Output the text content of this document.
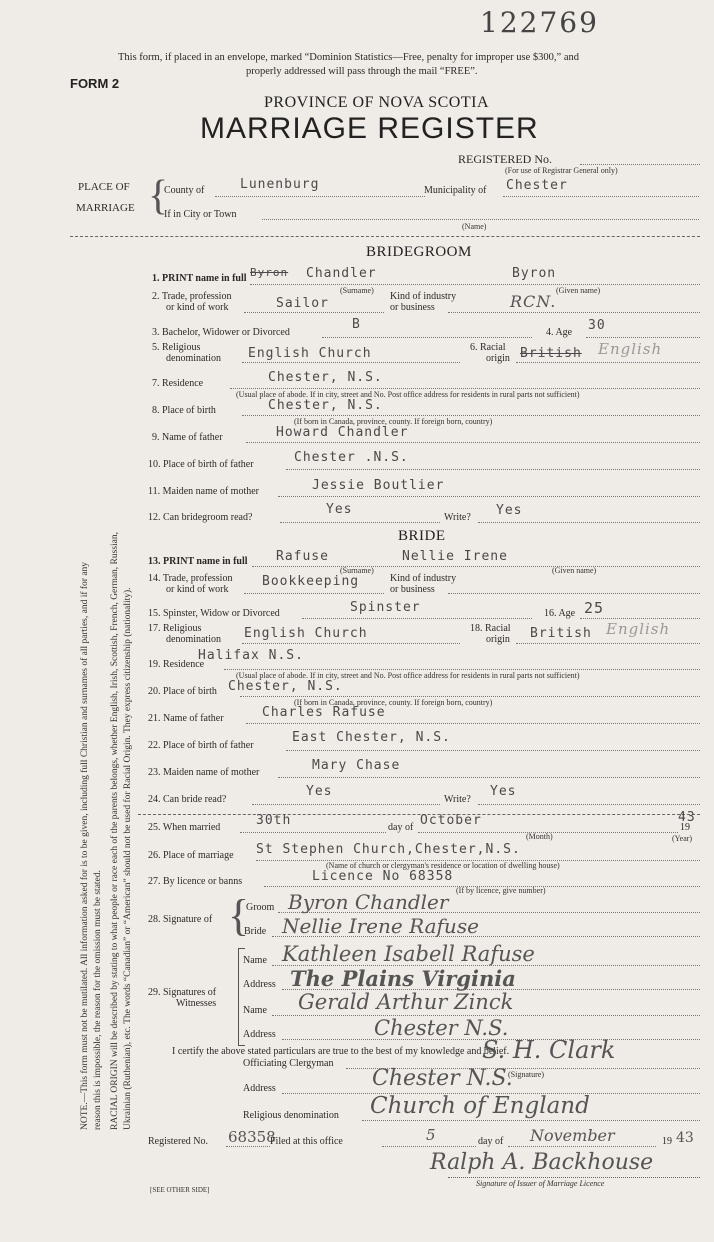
122769
This form, if placed in an envelope, marked “Dominion Statistics—Free, penalty for improper use $300,” and
properly addressed will pass through the mail “FREE”.
FORM 2
PROVINCE OF NOVA SCOTIA
MARRIAGE REGISTER
REGISTERED No.
(For use of Registrar General only)
PLACE OF
MARRIAGE {
County of	Lunenburg	Municipality of Chester
If in City or Town
(Name)
NOTE.—This form must not be mutilated. All information asked for is to be given, including full Christian and surnames of all parties, and if for any reason this is impossible, the reason for the omission must be stated. RACIAL ORIGIN will be described by stating to what people or race each of the parents belongs, whether English, Irish, Scottish, French, German, Russian, Ukrainian (Ruthenian), etc. The words “Canadian” or “American” should not be used for Racial Origin. They express citizenship (nationality).
BRIDEGROOM
1. PRINT name in full Byron Chandler	Byron
(Surname)	(Given name)
2. Trade, profession
or kind of work	Sailor	Kind of industry
or business	RCN.
3. Bachelor, Widower or Divorced
B
4. Age 30
5. Religious
denomination English Church	6. Racial
origin British English
7. Residence	Chester, N.S.
(Usual place of abode. If in city, street and No. Post office address for residents in rural parts not sufficient)
8. Place of birth	Chester, N.S.
(If born in Canada, province, county. If foreign born, country)
9. Name of father	Howard Chandler
10. Place of birth of father	Chester .N.S.
11. Maiden name of mother	Jessie Boutlier
12. Can bridegroom read?
Yes
Write? Yes
BRIDE
13. PRINT name in full Rafuse	Nellie Irene
(Surname)	(Given name)
14. Trade, profession
or kind of work
Bookkeeping	Kind of industry
or business
15. Spinster, Widow or Divorced	Spinster	16. Age 25
17. Religious
denomination English Church	18. Racial
origin British English
19. Residence
Halifax N.S.
(Usual place of abode. If in city, street and No. Post office address for residents in rural parts not sufficient)
20. Place of birth Chester, N.S.
(If born in Canada, province, county. If foreign born, country)
21. Name of father	Charles Rafuse
22. Place of birth of father
East Chester, N.S.
23. Maiden name of mother	Mary Chase
24. Can bride read?
Yes
Write?
Yes
25. When married	30th	day of October
(Month)
19
43
(Year)
26. Place of marriage St Stephen Church,Chester,N.S.
(Name of church or clergyman's residence or location of dwelling house)
27. By licence or banns	Licence No 68358
(If by licence, give number)
28. Signature of {
Groom Byron Chandler
Bride Nellie Irene Rafuse
29. Signatures of
Witnesses
Name Kathleen Isabell Rafuse
Address The Plains Virginia
Name Gerald Arthur Zinck
Address	Chester N.S.
I certify the above stated particulars are true to the best of my knowledge and belief.
Officiating Clergyman	S. H. Clark
(Signature)
Address	Chester N.S.
Religious denomination Church of England
Registered No. 68358
Filed at this office	5	day of November	19 43
Ralph A. Backhouse
Signature of Issuer of Marriage Licence
[SEE OTHER SIDE]
